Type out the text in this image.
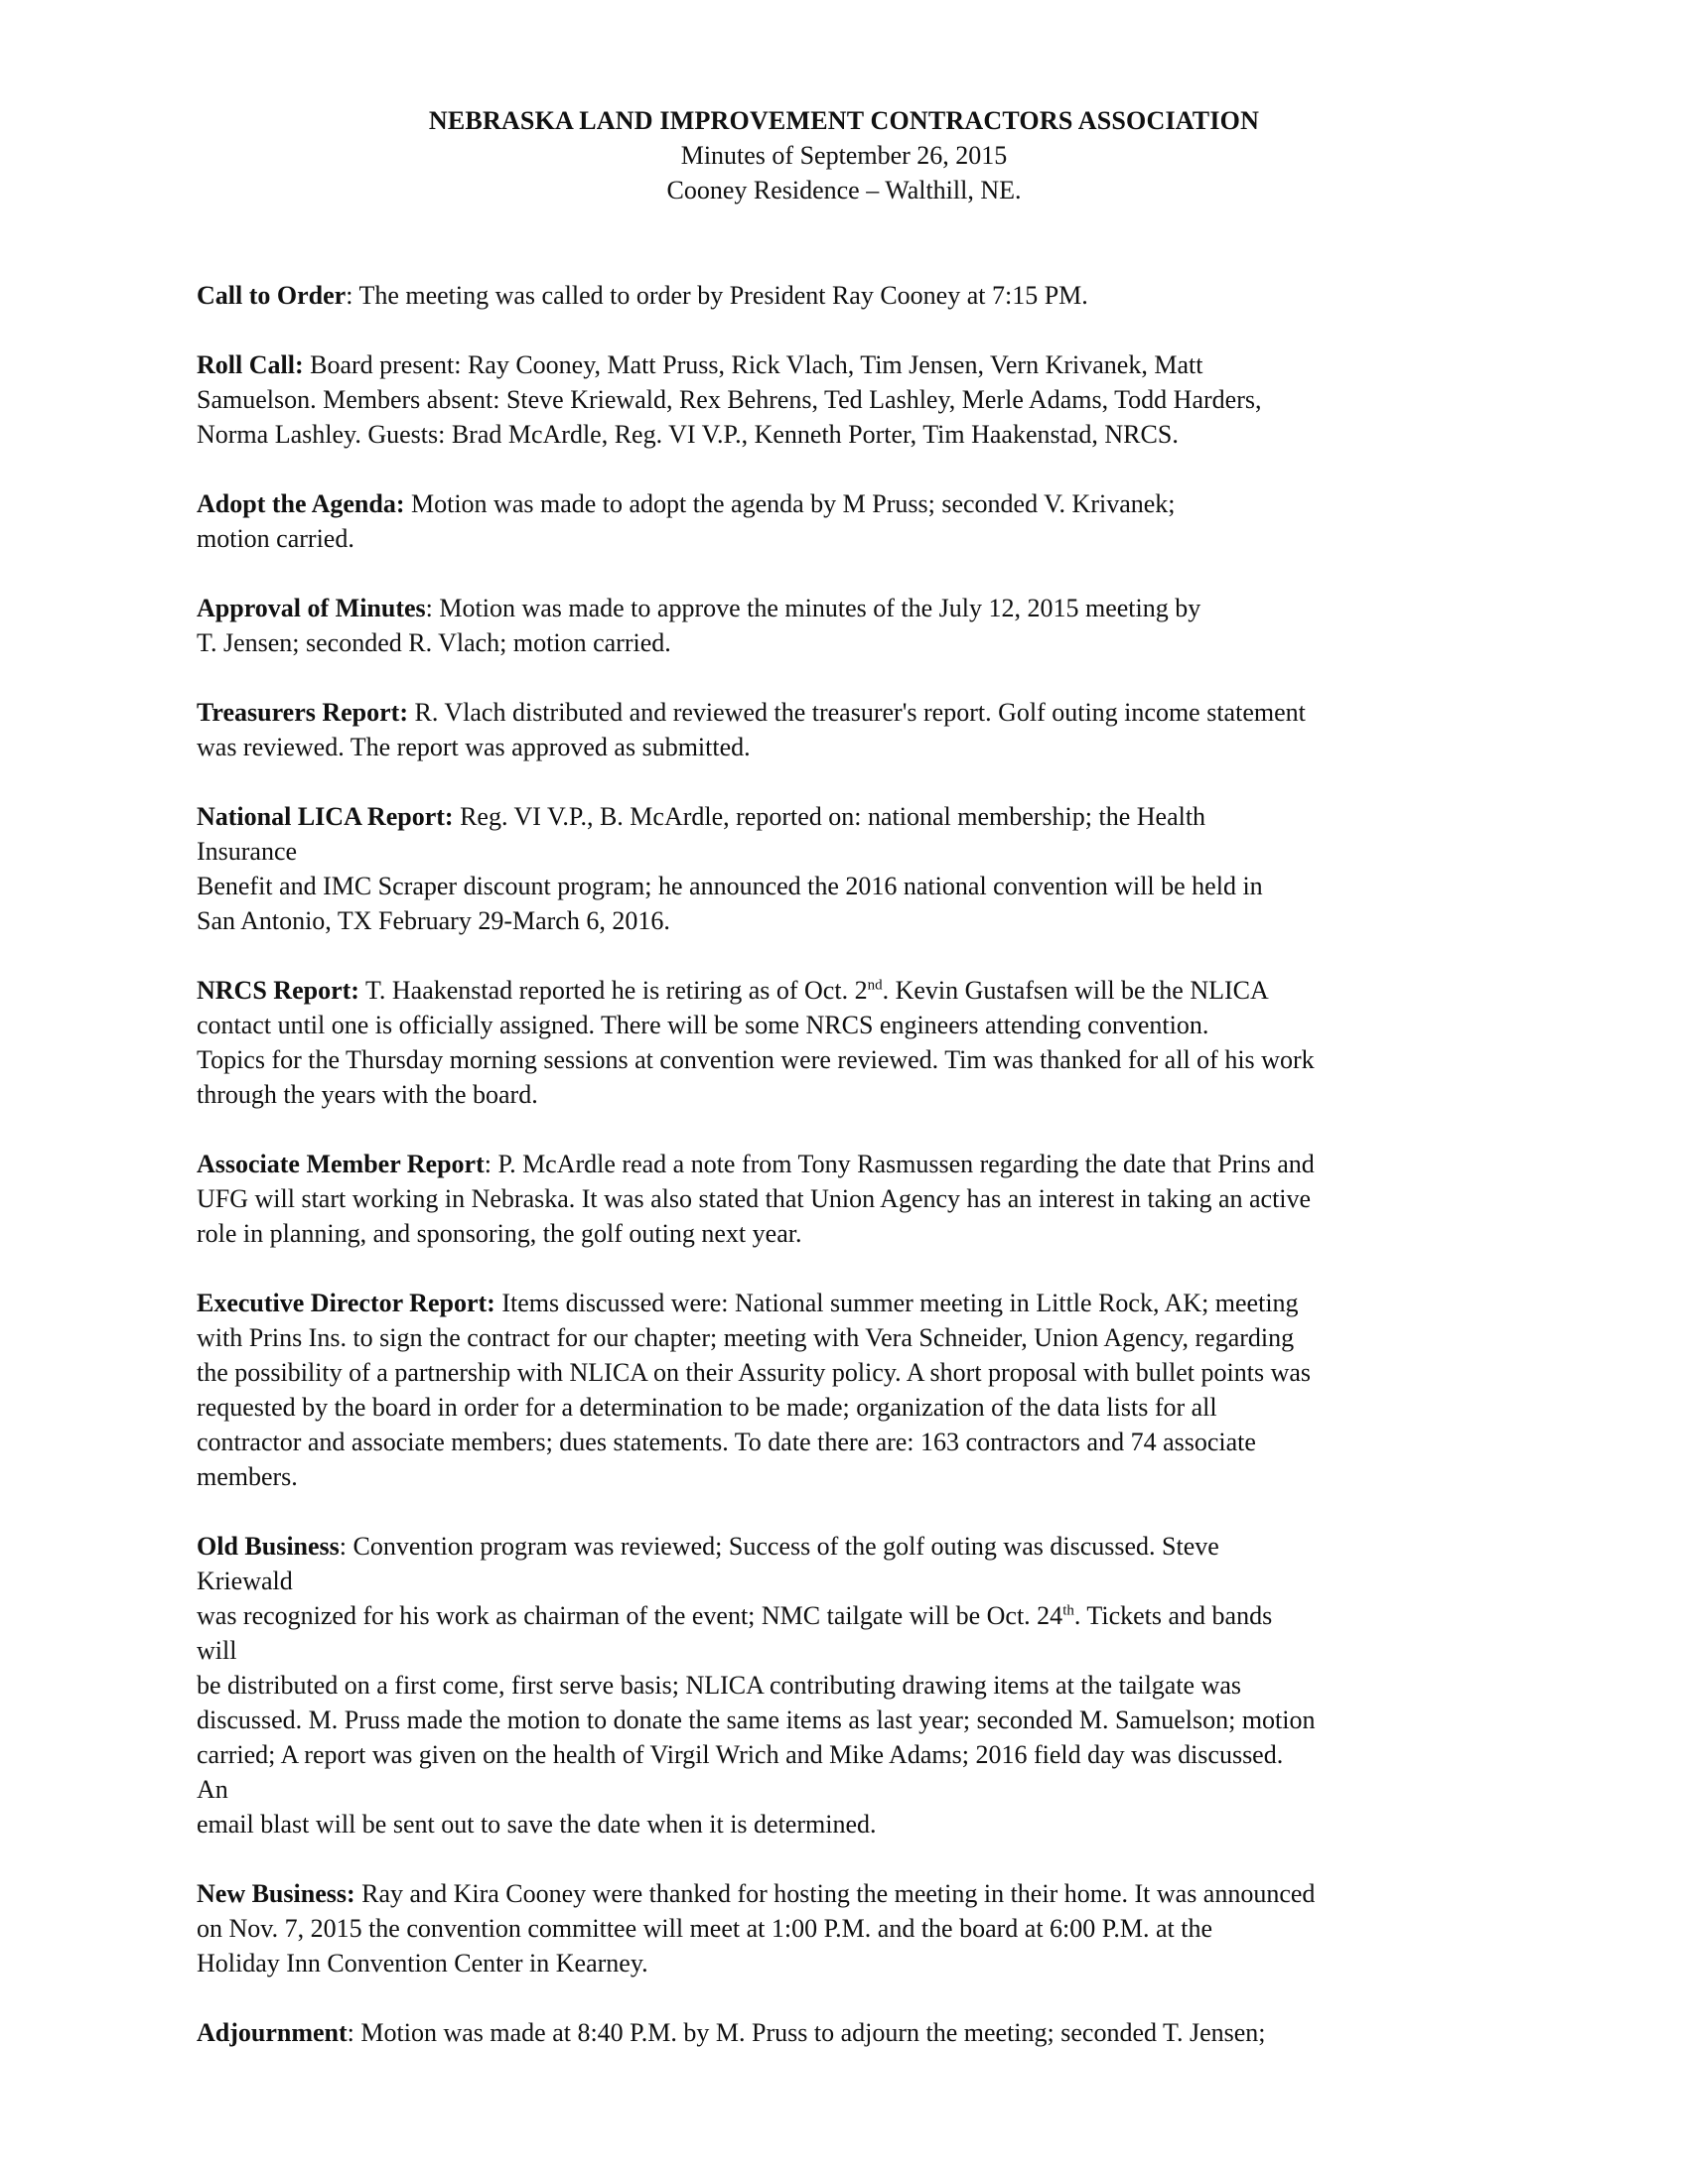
NEBRASKA LAND IMPROVEMENT CONTRACTORS ASSOCIATION
Minutes of September 26, 2015
Cooney Residence – Walthill, NE.
Call to Order: The meeting was called to order by President Ray Cooney at 7:15 PM.
Roll Call: Board present: Ray Cooney, Matt Pruss, Rick Vlach, Tim Jensen, Vern Krivanek, Matt
Samuelson. Members absent: Steve Kriewald, Rex Behrens, Ted Lashley, Merle Adams, Todd Harders,
Norma Lashley. Guests: Brad McArdle, Reg. VI V.P., Kenneth Porter, Tim Haakenstad, NRCS.
Adopt the Agenda: Motion was made to adopt the agenda by M Pruss; seconded V. Krivanek;
motion carried.
Approval of Minutes: Motion was made to approve the minutes of the July 12, 2015 meeting by
T. Jensen; seconded R. Vlach; motion carried.
Treasurers Report: R. Vlach distributed and reviewed the treasurer's report. Golf outing income statement
was reviewed. The report was approved as submitted.
National LICA Report: Reg. VI V.P., B. McArdle, reported on: national membership; the Health
Insurance
Benefit and IMC Scraper discount program; he announced the 2016 national convention will be held in
San Antonio, TX February 29-March 6, 2016.
NRCS Report: T. Haakenstad reported he is retiring as of Oct. 2nd. Kevin Gustafsen will be the NLICA
contact until one is officially assigned. There will be some NRCS engineers attending convention.
Topics for the Thursday morning sessions at convention were reviewed. Tim was thanked for all of his work
through the years with the board.
Associate Member Report: P. McArdle read a note from Tony Rasmussen regarding the date that Prins and
UFG will start working in Nebraska. It was also stated that Union Agency has an interest in taking an active
role in planning, and sponsoring, the golf outing next year.
Executive Director Report: Items discussed were: National summer meeting in Little Rock, AK; meeting
with Prins Ins. to sign the contract for our chapter; meeting with Vera Schneider, Union Agency, regarding
the possibility of a partnership with NLICA on their Assurity policy. A short proposal with bullet points was
requested by the board in order for a determination to be made; organization of the data lists for all
contractor and associate members; dues statements. To date there are: 163 contractors and 74 associate
members.
Old Business: Convention program was reviewed; Success of the golf outing was discussed. Steve
Kriewald
was recognized for his work as chairman of the event; NMC tailgate will be Oct. 24th. Tickets and bands
will
be distributed on a first come, first serve basis; NLICA contributing drawing items at the tailgate was
discussed. M. Pruss made the motion to donate the same items as last year; seconded M. Samuelson; motion
carried; A report was given on the health of Virgil Wrich and Mike Adams; 2016 field day was discussed.
An
email blast will be sent out to save the date when it is determined.
New Business: Ray and Kira Cooney were thanked for hosting the meeting in their home. It was announced
on Nov. 7, 2015 the convention committee will meet at 1:00 P.M. and the board at 6:00 P.M. at the
Holiday Inn Convention Center in Kearney.
Adjournment: Motion was made at 8:40 P.M. by M. Pruss to adjourn the meeting; seconded T. Jensen;
